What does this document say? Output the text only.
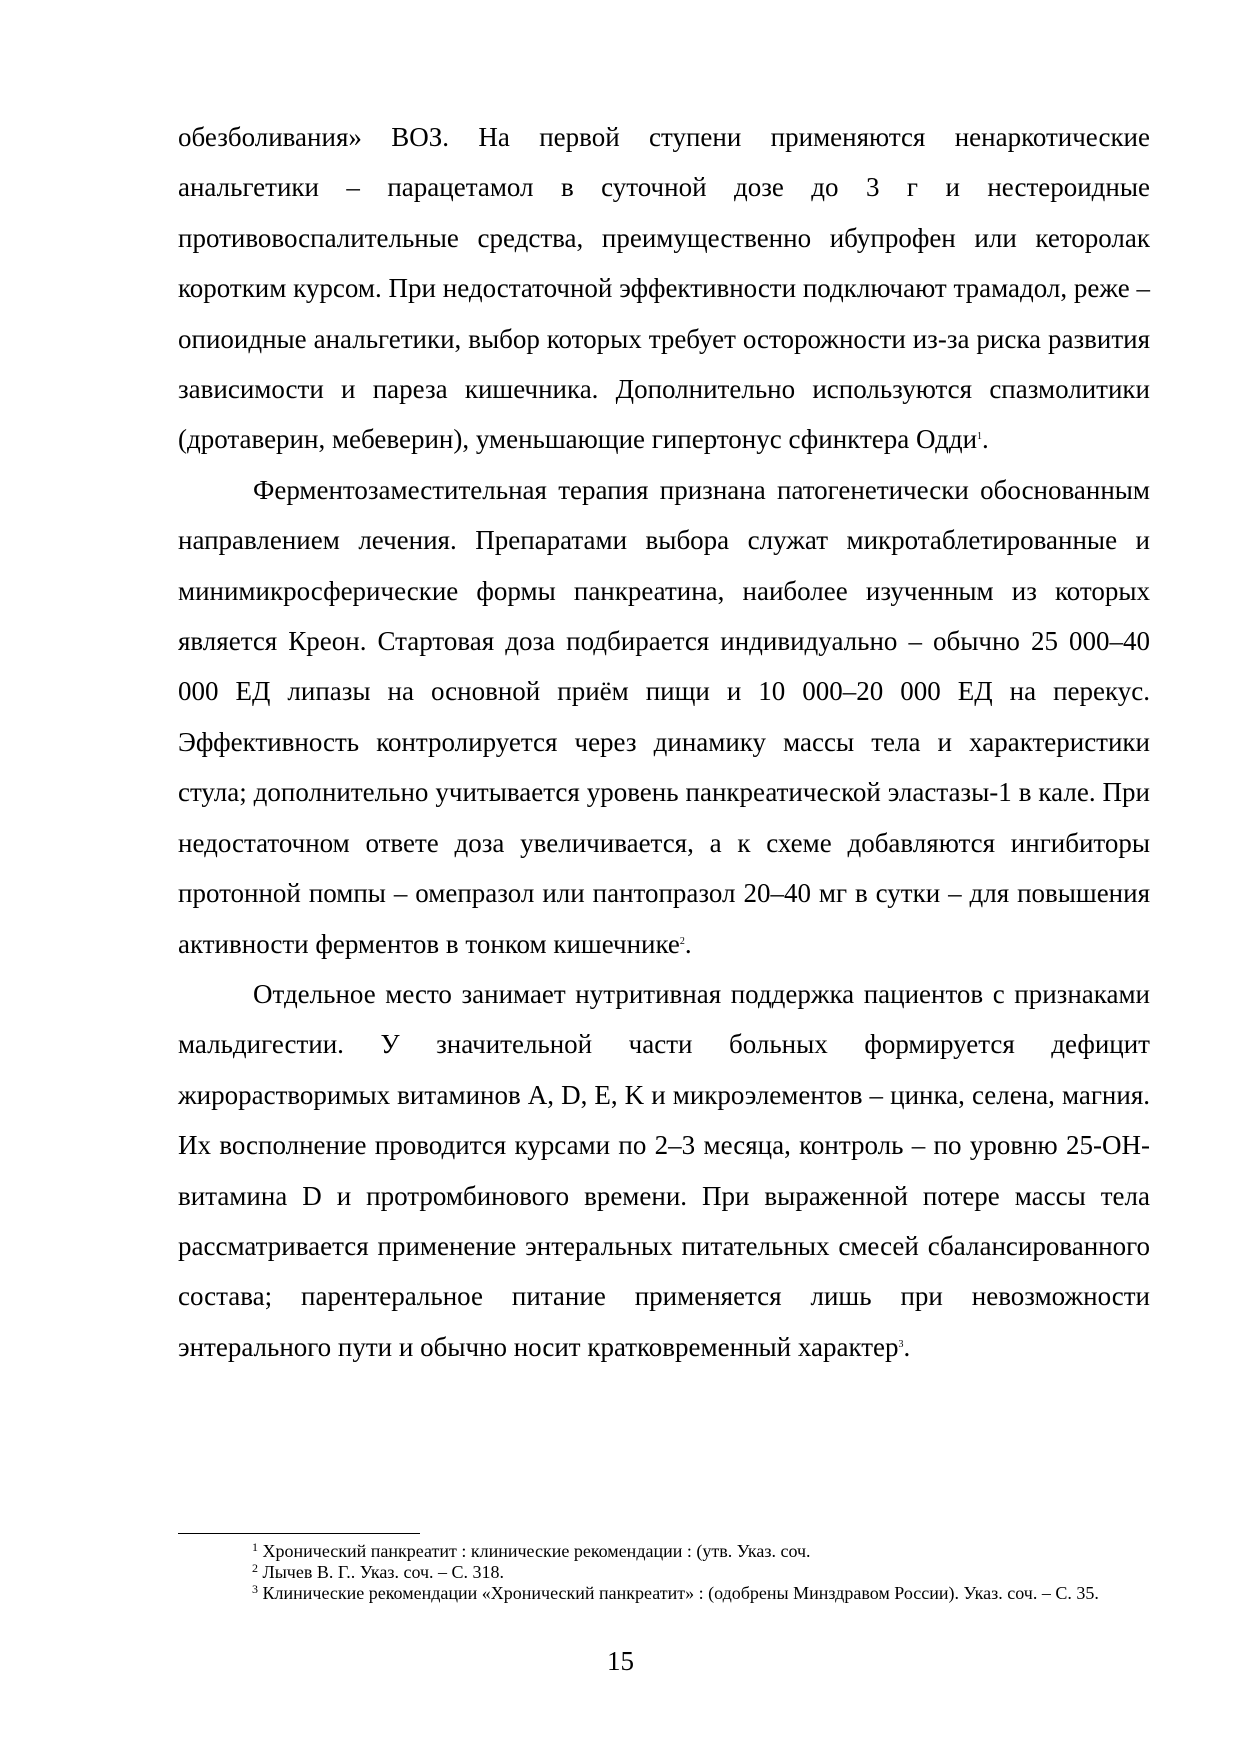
обезболивания» ВОЗ. На первой ступени применяются ненаркотические анальгетики – парацетамол в суточной дозе до 3 г и нестероидные противовоспалительные средства, преимущественно ибупрофен или кеторолак коротким курсом. При недостаточной эффективности подключают трамадол, реже – опиоидные анальгетики, выбор которых требует осторожности из-за риска развития зависимости и пареза кишечника. Дополнительно используются спазмолитики (дротаверин, мебеверин), уменьшающие гипертонус сфинктера Одди$^1$.

Ферментозаместительная терапия признана патогенетически обоснованным направлением лечения. Препаратами выбора служат микротаблетированные и минимикросферические формы панкреатина, наиболее изученным из которых является Креон. Стартовая доза подбирается индивидуально – обычно 25 000–40 000 ЕД липазы на основной приём пищи и 10 000–20 000 ЕД на перекус. Эффективность контролируется через динамику массы тела и характеристики стула; дополнительно учитывается уровень панкреатической эластазы-1 в кале. При недостаточном ответе доза увеличивается, а к схеме добавляются ингибиторы протонной помпы – омепразол или пантопразол 20–40 мг в сутки – для повышения активности ферментов в тонком кишечнике$^2$.

Отдельное место занимает нутритивная поддержка пациентов с признаками мальдигестии. У значительной части больных формируется дефицит жирорастворимых витаминов A, D, E, K и микроэлементов – цинка, селена, магния. Их восполнение проводится курсами по 2–3 месяца, контроль – по уровню 25-OH-витамина D и протромбинового времени. При выраженной потере массы тела рассматривается применение энтеральных питательных смесей сбалансированного состава; парентеральное питание применяется лишь при невозможности энтерального пути и обычно носит кратковременный характер$^3$.

$^1$ Хронический панкреатит : клинические рекомендации : (утв. Указ. соч.

$^2$ Лычев В. Г.. Указ. соч. – С. 318.

$^3$ Клинические рекомендации «Хронический панкреатит» : (одобрены Минздравом России). Указ. соч. – С. 35.

15
